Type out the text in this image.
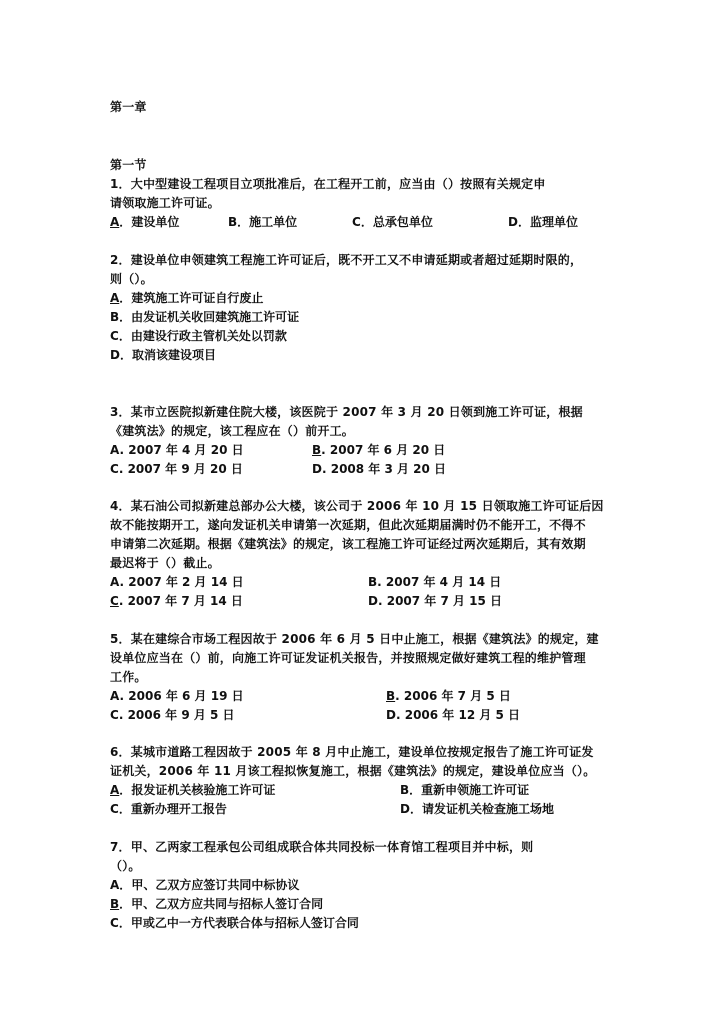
第一章
第一节
1．大中型建设工程项目立项批准后，在工程开工前，应当由（）按照有关规定申
请领取施工许可证。
A．建设单位	B．施工单位	C．总承包单位	D．监理单位
2．建设单位申领建筑工程施工许可证后，既不开工又不申请延期或者超过延期时限的，
则（）。
A．建筑施工许可证自行废止
B．由发证机关收回建筑施工许可证
C．由建设行政主管机关处以罚款
D．取消该建设项目
3．某市立医院拟新建住院大楼，该医院于 2007 年 3 月 20 日领到施工许可证，根据
《建筑法》的规定，该工程应在（）前开工。
A. 2007 年 4 月 20 日	B. 2007 年 6 月 20 日
C. 2007 年 9 月 20 日	D. 2008 年 3 月 20 日
4．某石油公司拟新建总部办公大楼，该公司于 2006 年 10 月 15 日领取施工许可证后因
故不能按期开工，遂向发证机关申请第一次延期，但此次延期届满时仍不能开工，不得不
申请第二次延期。根据《建筑法》的规定，该工程施工许可证经过两次延期后，其有效期
最迟将于（）截止。
A. 2007 年 2 月 14 日	B. 2007 年 4 月 14 日
C. 2007 年 7 月 14 日	D. 2007 年 7 月 15 日
5．某在建综合市场工程因故于 2006 年 6 月 5 日中止施工，根据《建筑法》的规定，建
设单位应当在（）前，向施工许可证发证机关报告，并按照规定做好建筑工程的维护管理
工作。
A. 2006 年 6 月 19 日	B. 2006 年 7 月 5 日
C. 2006 年 9 月 5 日	D. 2006 年 12 月 5 日
6．某城市道路工程因故于 2005 年 8 月中止施工，建设单位按规定报告了施工许可证发
证机关，2006 年 11 月该工程拟恢复施工，根据《建筑法》的规定，建设单位应当（）。
A．报发证机关核验施工许可证	B．重新申领施工许可证
C．重新办理开工报告	D．请发证机关检查施工场地
7．甲、乙两家工程承包公司组成联合体共同投标一体育馆工程项目并中标，则
（）。
A．甲、乙双方应签订共同中标协议
B．甲、乙双方应共同与招标人签订合同
C．甲或乙中一方代表联合体与招标人签订合同
